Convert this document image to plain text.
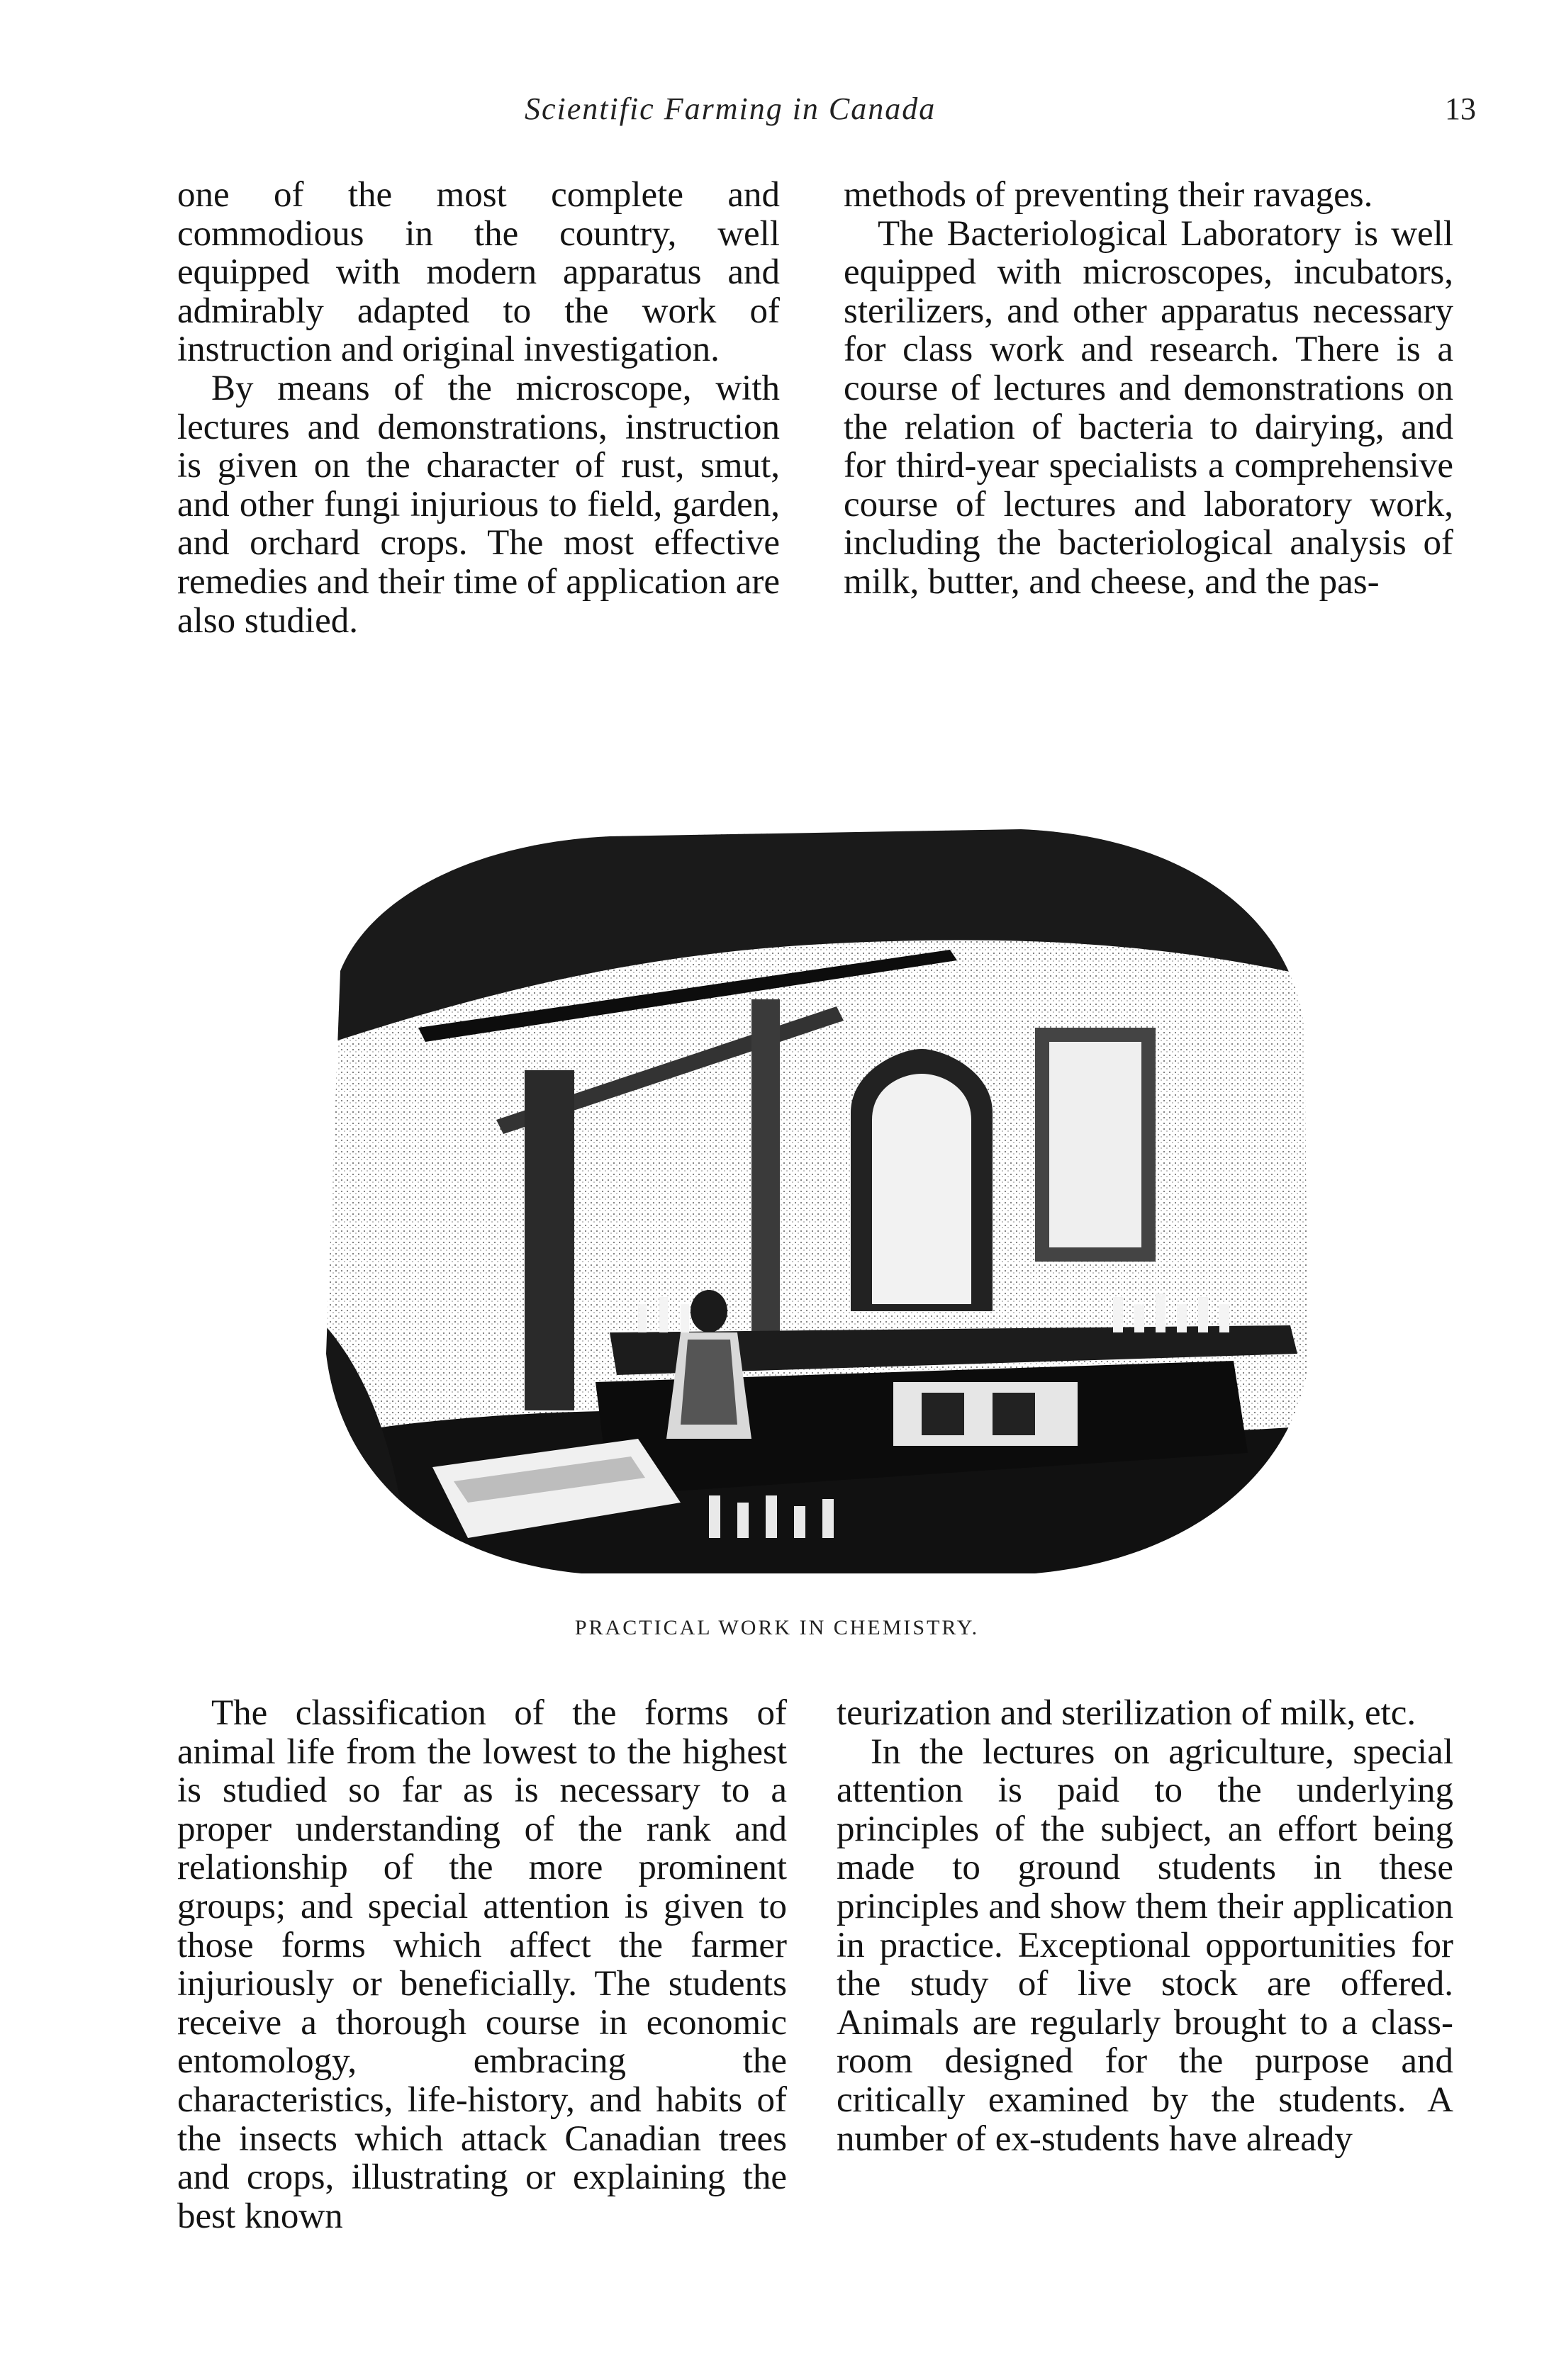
Scientific Farming in Canada	13

one of the most complete and commodious in the country, well equipped with modern apparatus and admirably adapted to the work of instruction and original investigation.

By means of the microscope, with lectures and demonstrations, instruction is given on the character of rust, smut, and other fungi injurious to field, garden, and orchard crops. The most effective remedies and their time of application are also studied.

methods of preventing their ravages.

The Bacteriological Laboratory is well equipped with microscopes, incubators, sterilizers, and other apparatus necessary for class work and research. There is a course of lectures and demonstrations on the relation of bacteria to dairying, and for third-year specialists a comprehensive course of lectures and laboratory work, including the bacteriological analysis of milk, butter, and cheese, and the pas-

PRACTICAL WORK IN CHEMISTRY.

The classification of the forms of animal life from the lowest to the highest is studied so far as is necessary to a proper understanding of the rank and relationship of the more prominent groups; and special attention is given to those forms which affect the farmer injuriously or beneficially. The students receive a thorough course in economic entomology, embracing the characteristics, life-history, and habits of the insects which attack Canadian trees and crops, illustrating or explaining the best known

teurization and sterilization of milk, etc.

In the lectures on agriculture, special attention is paid to the underlying principles of the subject, an effort being made to ground students in these principles and show them their application in practice. Exceptional opportunities for the study of live stock are offered. Animals are regularly brought to a class-room designed for the purpose and critically examined by the students. A number of ex-students have already
